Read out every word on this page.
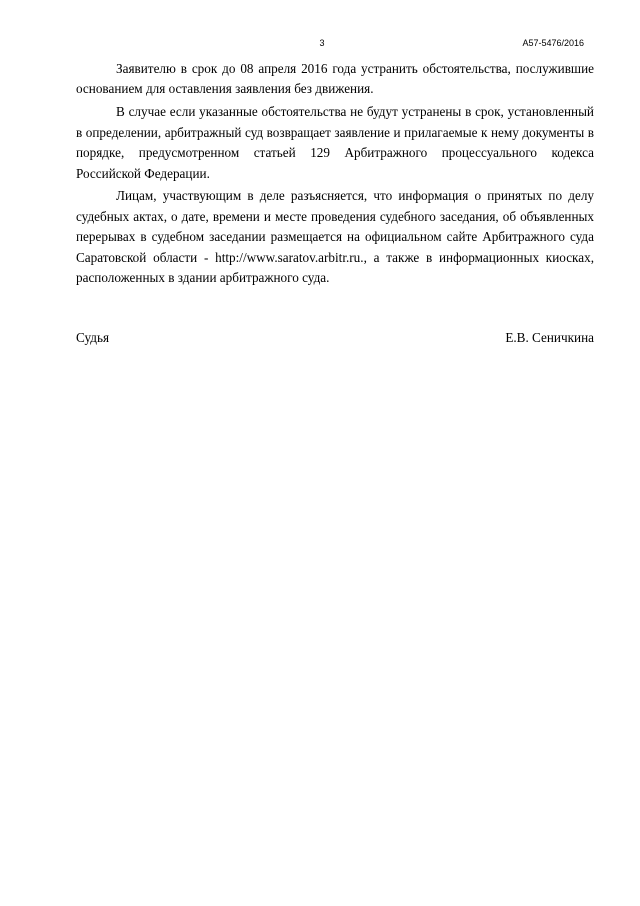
3	А57-5476/2016

Заявителю в срок до 08 апреля 2016 года устранить обстоятельства, послужившие основанием для оставления заявления без движения.

В случае если указанные обстоятельства не будут устранены в срок, установленный в определении, арбитражный суд возвращает заявление и прилагаемые к нему документы в порядке, предусмотренном статьей 129 Арбитражного процессуального кодекса Российской Федерации.

Лицам, участвующим в деле разъясняется, что информация о принятых по делу судебных актах, о дате, времени и месте проведения судебного заседания, об объявленных перерывах в судебном заседании размещается на официальном сайте Арбитражного суда Саратовской области - http://www.saratov.arbitr.ru., а также в информационных киосках, расположенных в здании арбитражного суда.

Судья	Е.В. Сеничкина
